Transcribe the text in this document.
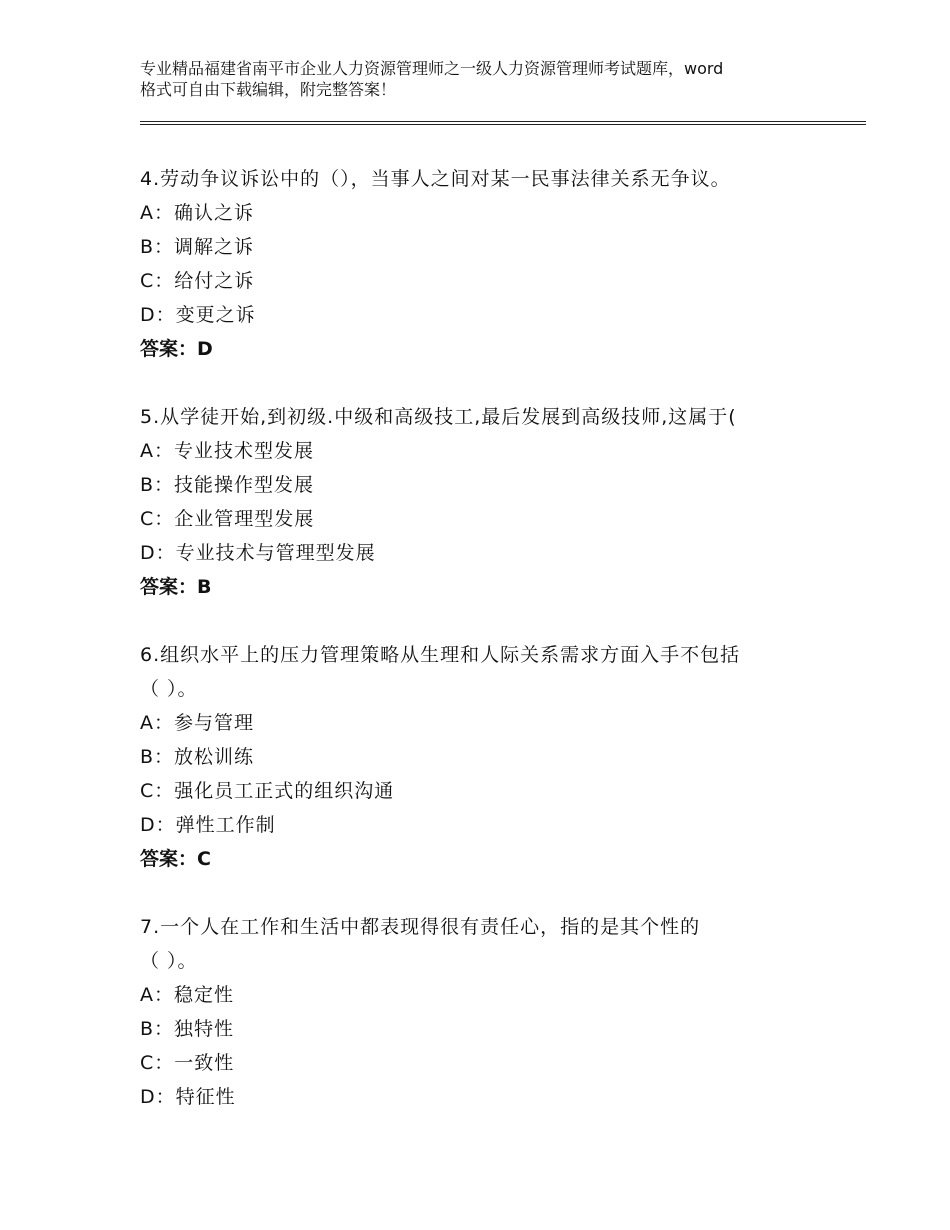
专业精品福建省南平市企业人力资源管理师之一级人力资源管理师考试题库，word
格式可自由下载编辑，附完整答案！
4.劳动争议诉讼中的（），当事人之间对某一民事法律关系无争议。
A：确认之诉
B：调解之诉
C：给付之诉
D：变更之诉
答案：D
5.从学徒开始,到初级.中级和高级技工,最后发展到高级技师,这属于(
A：专业技术型发展
B：技能操作型发展
C：企业管理型发展
D：专业技术与管理型发展
答案：B
6.组织水平上的压力管理策略从生理和人际关系需求方面入手不包括
（ ）。
A：参与管理
B：放松训练
C：强化员工正式的组织沟通
D：弹性工作制
答案：C
7.一个人在工作和生活中都表现得很有责任心，指的是其个性的
（ ）。
A：稳定性
B：独特性
C：一致性
D：特征性
